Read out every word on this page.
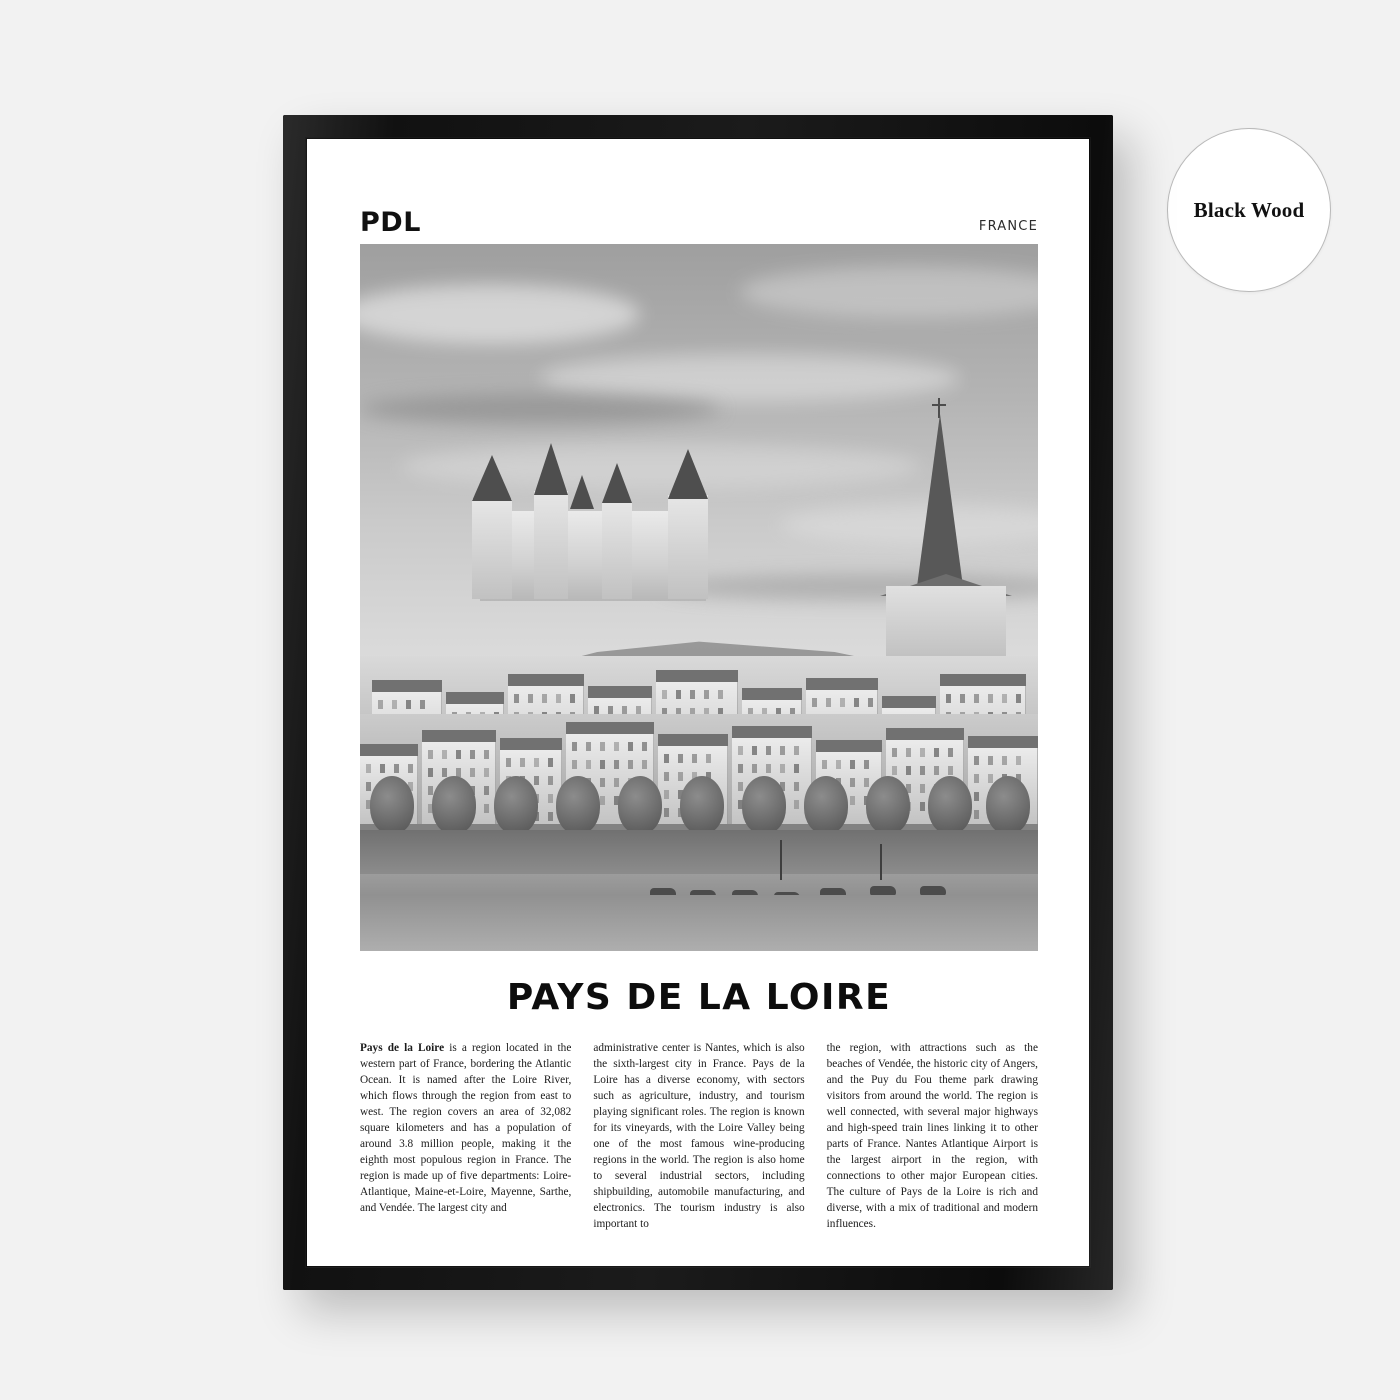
Black Wood
PDL	FRANCE
PAYS DE LA LOIRE
Pays de la Loire is a region located in the western part of France, bordering the Atlantic Ocean. It is named after the Loire River, which flows through the region from east to west. The region covers an area of 32,082 square kilometers and has a population of around 3.8 million people, making it the eighth most populous region in France. The region is made up of five departments: Loire-Atlantique, Maine-et-Loire, Mayenne, Sarthe, and Vendée. The largest city and
administrative center is Nantes, which is also the sixth-largest city in France. Pays de la Loire has a diverse economy, with sectors such as agriculture, industry, and tourism playing significant roles. The region is known for its vineyards, with the Loire Valley being one of the most famous wine-producing regions in the world. The region is also home to several industrial sectors, including shipbuilding, automobile manufacturing, and electronics. The tourism industry is also important to
the region, with attractions such as the beaches of Vendée, the historic city of Angers, and the Puy du Fou theme park drawing visitors from around the world. The region is well connected, with several major highways and high-speed train lines linking it to other parts of France. Nantes Atlantique Airport is the largest airport in the region, with connections to other major European cities. The culture of Pays de la Loire is rich and diverse, with a mix of traditional and modern influences.
